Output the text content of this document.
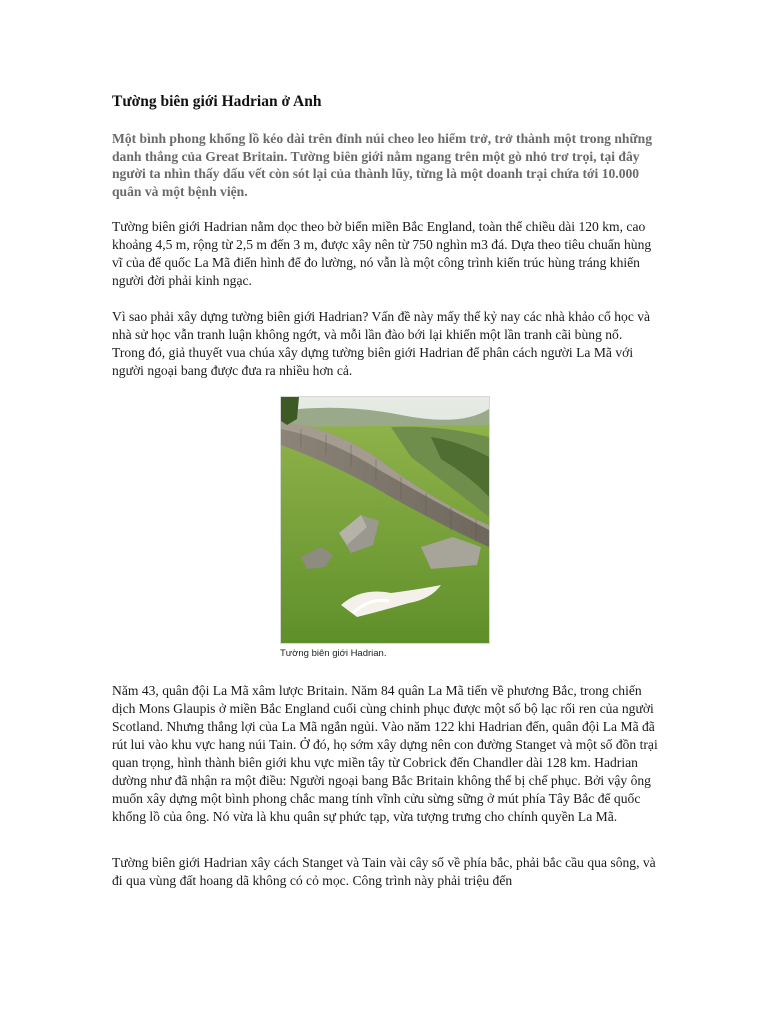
Tường biên giới Hadrian ở Anh
Một bình phong khổng lồ kéo dài trên đỉnh núi cheo leo hiểm trở, trở thành một trong những danh thắng của Great Britain. Tường biên giới nằm ngang trên một gò nhỏ trơ trọi, tại đây người ta nhìn thấy dấu vết còn sót lại của thành lũy, từng là một doanh trại chứa tới 10.000 quân và một bệnh viện.

Tường biên giới Hadrian nằm dọc theo bờ biển miền Bắc England, toàn thể chiều dài 120 km, cao khoảng 4,5 m, rộng từ 2,5 m đến 3 m, được xây nên từ 750 nghìn m3 đá. Dựa theo tiêu chuẩn hùng vĩ của đế quốc La Mã điển hình để đo lường, nó vẫn là một công trình kiến trúc hùng tráng khiến người đời phải kinh ngạc.

Vì sao phải xây dựng tường biên giới Hadrian? Vấn đề này mấy thế kỷ nay các nhà khảo cổ học và nhà sử học vẫn tranh luận không ngớt, và mỗi lần đào bới lại khiến một lần tranh cãi bùng nổ. Trong đó, giả thuyết vua chúa xây dựng tường biên giới Hadrian để phân cách người La Mã với người ngoại bang được đưa ra nhiều hơn cả.

Tường biên giới Hadrian.

Năm 43, quân đội La Mã xâm lược Britain. Năm 84 quân La Mã tiến về phương Bắc, trong chiến dịch Mons Glaupis ở miền Bắc England cuối cùng chinh phục được một số bộ lạc rối ren của người Scotland. Nhưng thắng lợi của La Mã ngắn ngủi. Vào năm 122 khi Hadrian đến, quân đội La Mã đã rút lui vào khu vực hang núi Tain. Ở đó, họ sớm xây dựng nên con đường Stanget và một số đồn trại quan trọng, hình thành biên giới khu vực miền tây từ Cobrick đến Chandler dài 128 km. Hadrian dường như đã nhận ra một điều: Người ngoại bang Bắc Britain không thể bị chế phục. Bởi vậy ông muốn xây dựng một bình phong chắc mang tính vĩnh cửu sừng sững ở mút phía Tây Bắc để quốc khổng lồ của ông. Nó vừa là khu quân sự phức tạp, vừa tượng trưng cho chính quyền La Mã.

Tường biên giới Hadrian xây cách Stanget và Tain vài cây số về phía bắc, phải bắc cầu qua sông, và đi qua vùng đất hoang dã không có cỏ mọc. Công trình này phải triệu đến
